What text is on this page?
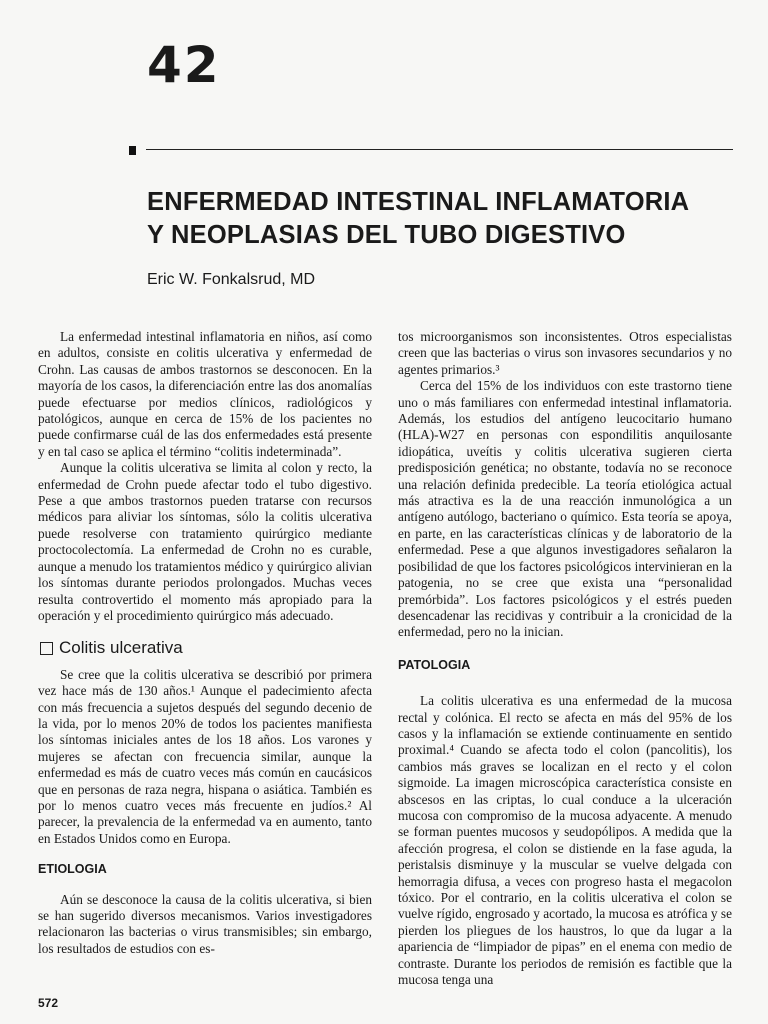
42
ENFERMEDAD INTESTINAL INFLAMATORIA
Y NEOPLASIAS DEL TUBO DIGESTIVO
Eric W. Fonkalsrud, MD

La enfermedad intestinal inflamatoria en niños, así como en adultos, consiste en colitis ulcerativa y enfermedad de Crohn. Las causas de ambos trastornos se desconocen. En la mayoría de los casos, la diferenciación entre las dos anomalías puede efectuarse por medios clínicos, radiológicos y patológicos, aunque en cerca de 15% de los pacientes no puede confirmarse cuál de las dos enfermedades está presente y en tal caso se aplica el término “colitis indeterminada”.

Aunque la colitis ulcerativa se limita al colon y recto, la enfermedad de Crohn puede afectar todo el tubo digestivo. Pese a que ambos trastornos pueden tratarse con recursos médicos para aliviar los síntomas, sólo la colitis ulcerativa puede resolverse con tratamiento quirúrgico mediante proctocolectomía. La enfermedad de Crohn no es curable, aunque a menudo los tratamientos médico y quirúrgico alivian los síntomas durante periodos prolongados. Muchas veces resulta controvertido el momento más apropiado para la operación y el procedimiento quirúrgico más adecuado.

Colitis ulcerativa

Se cree que la colitis ulcerativa se describió por primera vez hace más de 130 años.¹ Aunque el padecimiento afecta con más frecuencia a sujetos después del segundo decenio de la vida, por lo menos 20% de todos los pacientes manifiesta los síntomas iniciales antes de los 18 años. Los varones y mujeres se afectan con frecuencia similar, aunque la enfermedad es más de cuatro veces más común en caucásicos que en personas de raza negra, hispana o asiática. También es por lo menos cuatro veces más frecuente en judíos.² Al parecer, la prevalencia de la enfermedad va en aumento, tanto en Estados Unidos como en Europa.

ETIOLOGIA

Aún se desconoce la causa de la colitis ulcerativa, si bien se han sugerido diversos mecanismos. Varios investigadores relacionaron las bacterias o virus transmisibles; sin embargo, los resultados de estudios con es-

tos microorganismos son inconsistentes. Otros especialistas creen que las bacterias o virus son invasores secundarios y no agentes primarios.³

Cerca del 15% de los individuos con este trastorno tiene uno o más familiares con enfermedad intestinal inflamatoria. Además, los estudios del antígeno leucocitario humano (HLA)-W27 en personas con espondilitis anquilosante idiopática, uveítis y colitis ulcerativa sugieren cierta predisposición genética; no obstante, todavía no se reconoce una relación definida predecible. La teoría etiológica actual más atractiva es la de una reacción inmunológica a un antígeno autólogo, bacteriano o químico. Esta teoría se apoya, en parte, en las características clínicas y de laboratorio de la enfermedad. Pese a que algunos investigadores señalaron la posibilidad de que los factores psicológicos intervinieran en la patogenia, no se cree que exista una “personalidad premórbida”. Los factores psicológicos y el estrés pueden desencadenar las recidivas y contribuir a la cronicidad de la enfermedad, pero no la inician.

PATOLOGIA

La colitis ulcerativa es una enfermedad de la mucosa rectal y colónica. El recto se afecta en más del 95% de los casos y la inflamación se extiende continuamente en sentido proximal.⁴ Cuando se afecta todo el colon (pancolitis), los cambios más graves se localizan en el recto y el colon sigmoide. La imagen microscópica característica consiste en abscesos en las criptas, lo cual conduce a la ulceración mucosa con compromiso de la mucosa adyacente. A menudo se forman puentes mucosos y seudopólipos. A medida que la afección progresa, el colon se distiende en la fase aguda, la peristalsis disminuye y la muscular se vuelve delgada con hemorragia difusa, a veces con progreso hasta el megacolon tóxico. Por el contrario, en la colitis ulcerativa el colon se vuelve rígido, engrosado y acortado, la mucosa es atrófica y se pierden los pliegues de los haustros, lo que da lugar a la apariencia de “limpiador de pipas” en el enema con medio de contraste. Durante los periodos de remisión es factible que la mucosa tenga una

572
